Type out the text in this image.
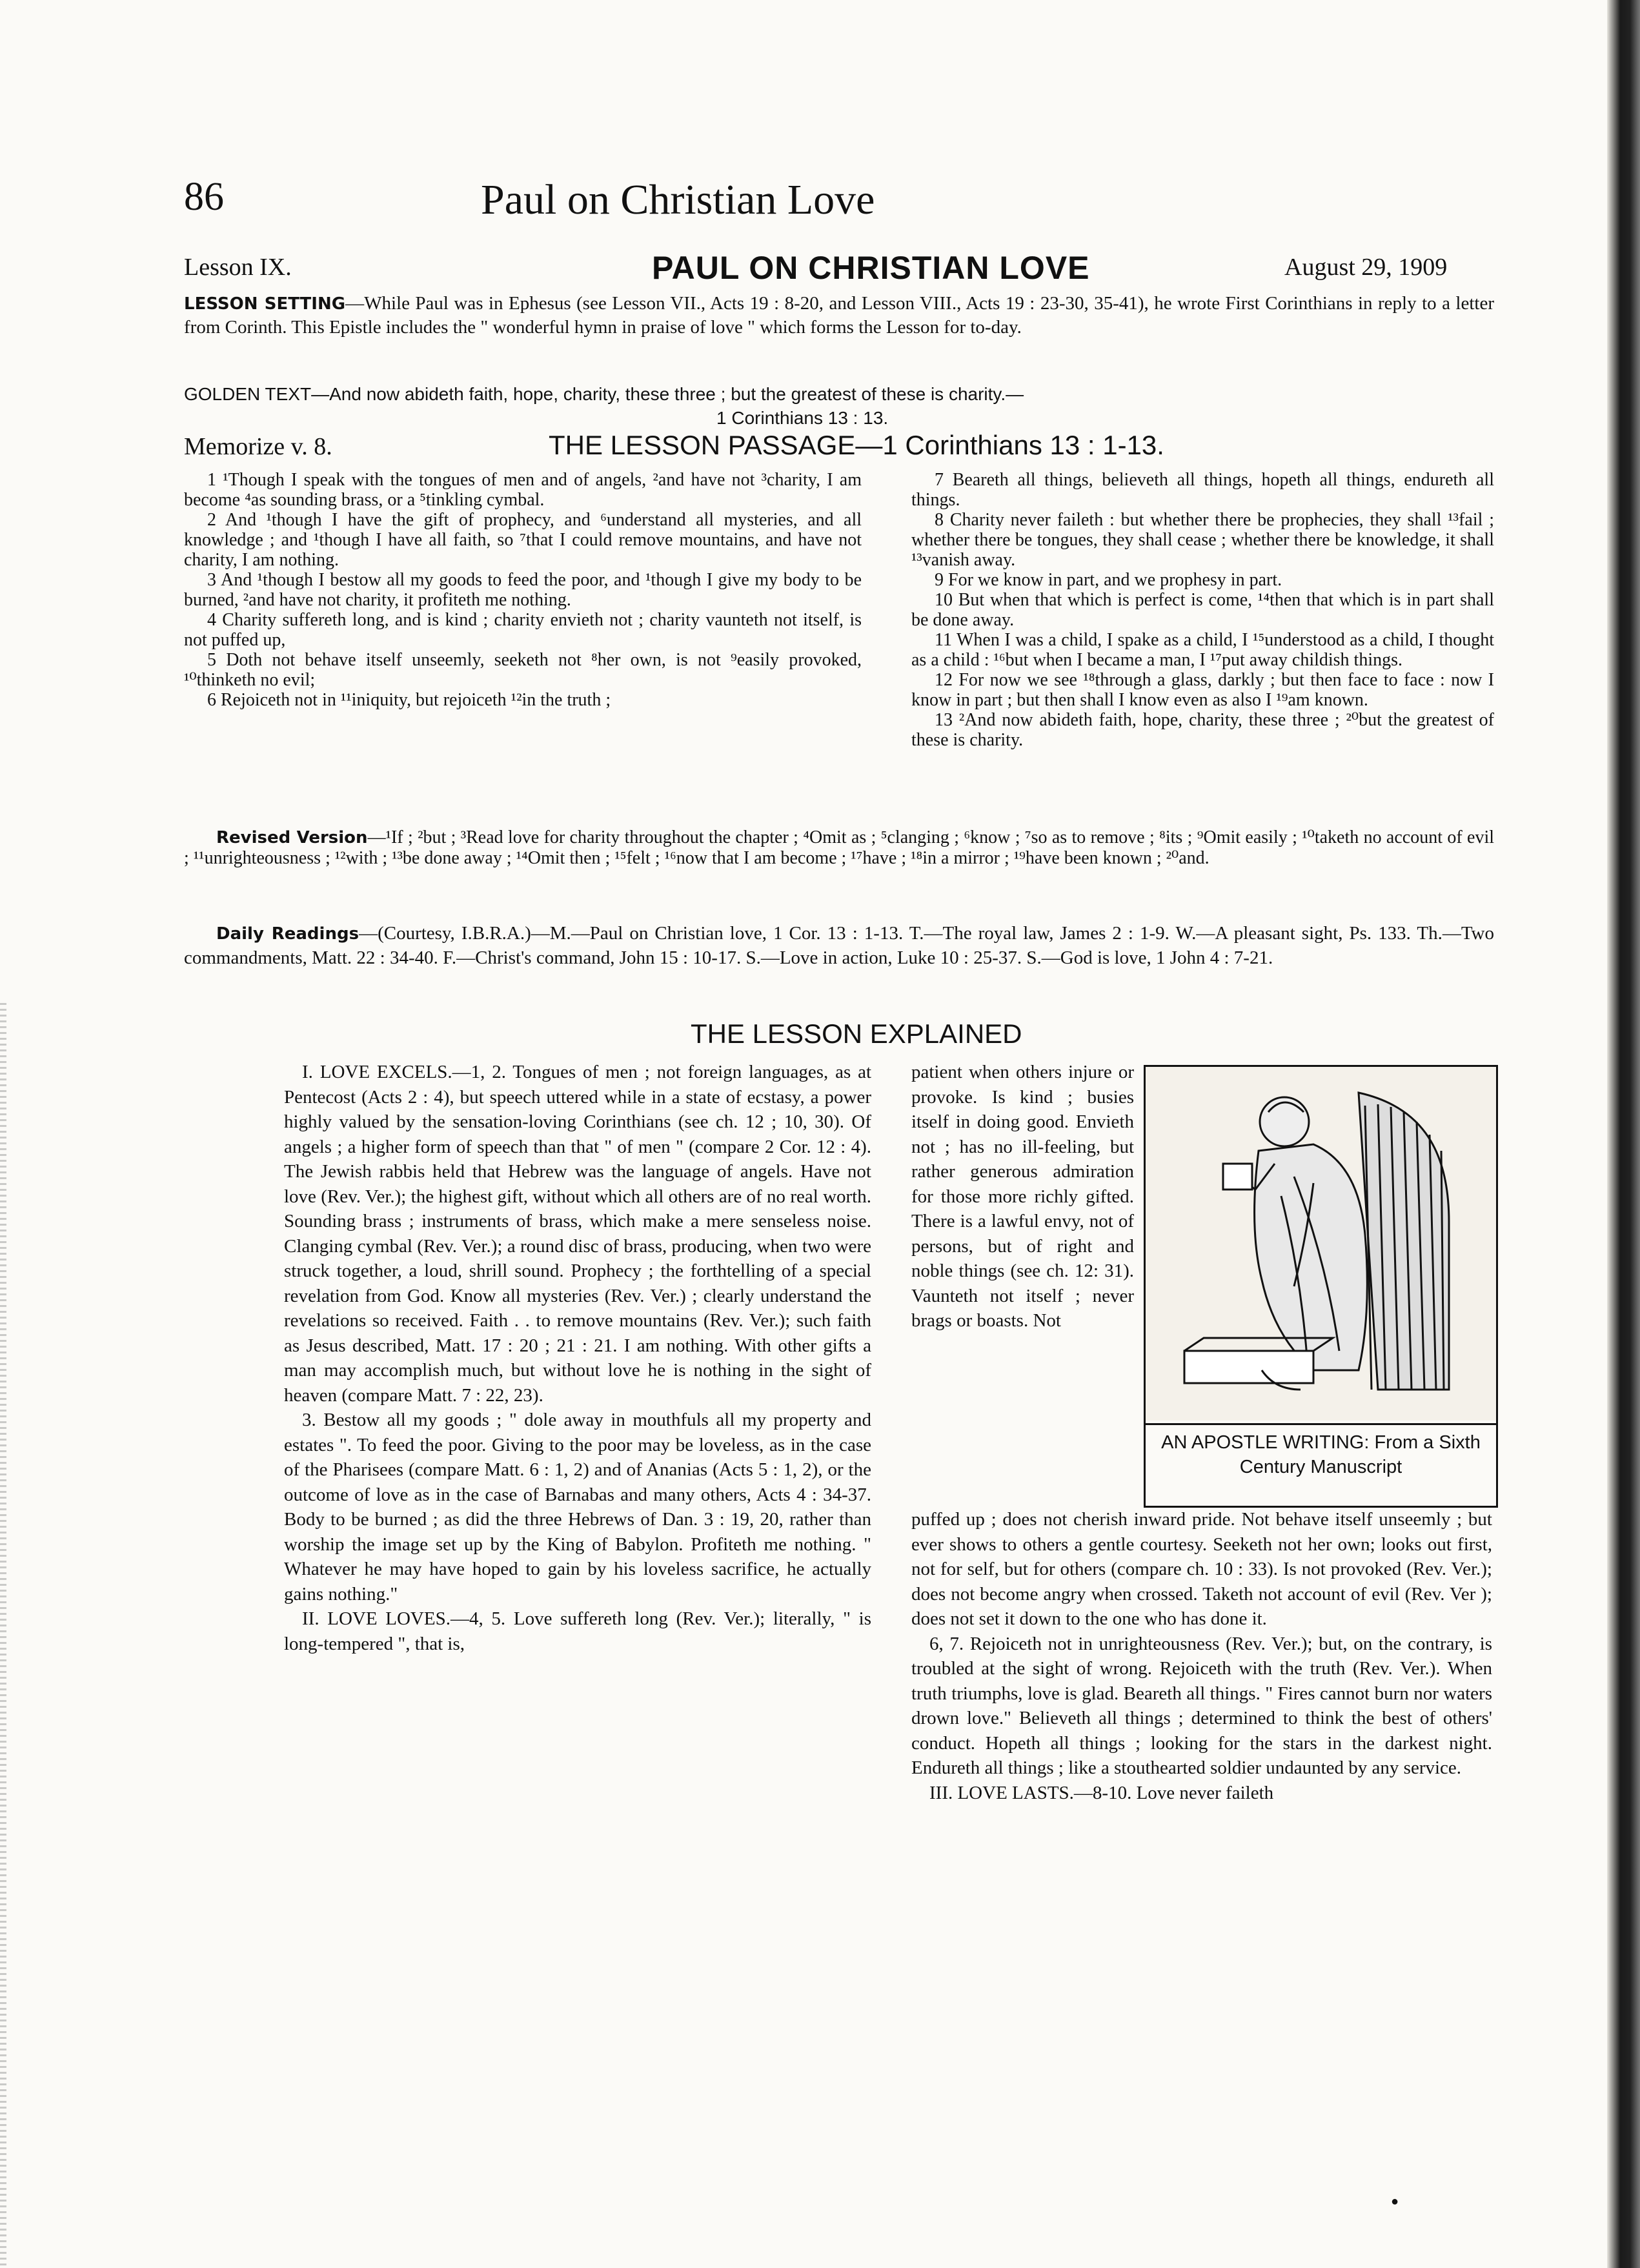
86	Paul on Christian Love
Lesson IX.	PAUL ON CHRISTIAN LOVE	August 29, 1909
LESSON SETTING—While Paul was in Ephesus (see Lesson VII., Acts 19 : 8-20, and Lesson VIII., Acts 19 : 23-30, 35-41), he wrote First Corinthians in reply to a letter from Corinth. This Epistle includes the " wonderful hymn in praise of love " which forms the Lesson for to-day.
GOLDEN TEXT—And now abideth faith, hope, charity, these three ; but the greatest of these is charity.—
1 Corinthians 13 : 13.
Memorize v. 8.	THE LESSON PASSAGE—1 Corinthians 13 : 1-13.

1 ¹Though I speak with the tongues of men and of angels, ²and have not ³charity, I am become ⁴as sounding brass, or a ⁵tinkling cymbal.

2 And ¹though I have the gift of prophecy, and ⁶understand all mysteries, and all knowledge ; and ¹though I have all faith, so ⁷that I could remove mountains, and have not charity, I am nothing.

3 And ¹though I bestow all my goods to feed the poor, and ¹though I give my body to be burned, ²and have not charity, it profiteth me nothing.

4 Charity suffereth long, and is kind ; charity envieth not ; charity vaunteth not itself, is not puffed up,

5 Doth not behave itself unseemly, seeketh not ⁸her own, is not ⁹easily provoked, ¹⁰thinketh no evil;

6 Rejoiceth not in ¹¹iniquity, but rejoiceth ¹²in the truth ;

7 Beareth all things, believeth all things, hopeth all things, endureth all things.

8 Charity never faileth : but whether there be prophecies, they shall ¹³fail ; whether there be tongues, they shall cease ; whether there be knowledge, it shall ¹³vanish away.

9 For we know in part, and we prophesy in part.

10 But when that which is perfect is come, ¹⁴then that which is in part shall be done away.

11 When I was a child, I spake as a child, I ¹⁵understood as a child, I thought as a child : ¹⁶but when I became a man, I ¹⁷put away childish things.

12 For now we see ¹⁸through a glass, darkly ; but then face to face : now I know in part ; but then shall I know even as also I ¹⁹am known.

13 ²And now abideth faith, hope, charity, these three ; ²⁰but the greatest of these is charity.

Revised Version—¹If ; ²but ; ³Read love for charity throughout the chapter ; ⁴Omit as ; ⁵clanging ; ⁶know ; ⁷so as to remove ; ⁸its ; ⁹Omit easily ; ¹⁰taketh no account of evil ; ¹¹unrighteousness ; ¹²with ; ¹³be done away ; ¹⁴Omit then ; ¹⁵felt ; ¹⁶now that I am become ; ¹⁷have ; ¹⁸in a mirror ; ¹⁹have been known ; ²⁰and.
Daily Readings—(Courtesy, I.B.R.A.)—M.—Paul on Christian love, 1 Cor. 13 : 1-13. T.—The royal law, James 2 : 1-9. W.—A pleasant sight, Ps. 133. Th.—Two commandments, Matt. 22 : 34-40. F.—Christ's command, John 15 : 10-17. S.—Love in action, Luke 10 : 25-37. S.—God is love, 1 John 4 : 7-21.
THE LESSON EXPLAINED

I. LOVE EXCELS.—1, 2. Tongues of men ; not foreign languages, as at Pentecost (Acts 2 : 4), but speech uttered while in a state of ecstasy, a power highly valued by the sensation-loving Corinthians (see ch. 12 ; 10, 30). Of angels ; a higher form of speech than that " of men " (compare 2 Cor. 12 : 4). The Jewish rabbis held that Hebrew was the language of angels. Have not love (Rev. Ver.); the highest gift, without which all others are of no real worth. Sounding brass ; instruments of brass, which make a mere senseless noise. Clanging cymbal (Rev. Ver.); a round disc of brass, producing, when two were struck together, a loud, shrill sound. Prophecy ; the forthtelling of a special revelation from God. Know all mysteries (Rev. Ver.) ; clearly understand the revelations so received. Faith . . to remove mountains (Rev. Ver.); such faith as Jesus described, Matt. 17 : 20 ; 21 : 21. I am nothing. With other gifts a man may accomplish much, but without love he is nothing in the sight of heaven (compare Matt. 7 : 22, 23).

3. Bestow all my goods ; " dole away in mouthfuls all my property and estates ". To feed the poor. Giving to the poor may be loveless, as in the case of the Pharisees (compare Matt. 6 : 1, 2) and of Ananias (Acts 5 : 1, 2), or the outcome of love as in the case of Barnabas and many others, Acts 4 : 34-37. Body to be burned ; as did the three Hebrews of Dan. 3 : 19, 20, rather than worship the image set up by the King of Babylon. Profiteth me nothing. " Whatever he may have hoped to gain by his loveless sacrifice, he actually gains nothing."

II. LOVE LOVES.—4, 5. Love suffereth long (Rev. Ver.); literally, " is long-tempered ", that is,

patient when others injure or provoke. Is kind ; busies itself in doing good. Envieth not ; has no ill-feeling, but rather generous admiration for those more richly gifted. There is a lawful envy, not of persons, but of right and noble things (see ch. 12: 31). Vaunteth not itself ; never brags or boasts. Not
AN APOSTLE WRITING: From a Sixth Century Manuscript

puffed up ; does not cherish inward pride. Not behave itself unseemly ; but ever shows to others a gentle courtesy. Seeketh not her own; looks out first, not for self, but for others (compare ch. 10 : 33). Is not provoked (Rev. Ver.); does not become angry when crossed. Taketh not account of evil (Rev. Ver ); does not set it down to the one who has done it.

6, 7. Rejoiceth not in unrighteousness (Rev. Ver.); but, on the contrary, is troubled at the sight of wrong. Rejoiceth with the truth (Rev. Ver.). When truth triumphs, love is glad. Beareth all things. " Fires cannot burn nor waters drown love." Believeth all things ; determined to think the best of others' conduct. Hopeth all things ; looking for the stars in the darkest night. Endureth all things ; like a stouthearted soldier undaunted by any service.

III. LOVE LASTS.—8-10. Love never faileth

●
